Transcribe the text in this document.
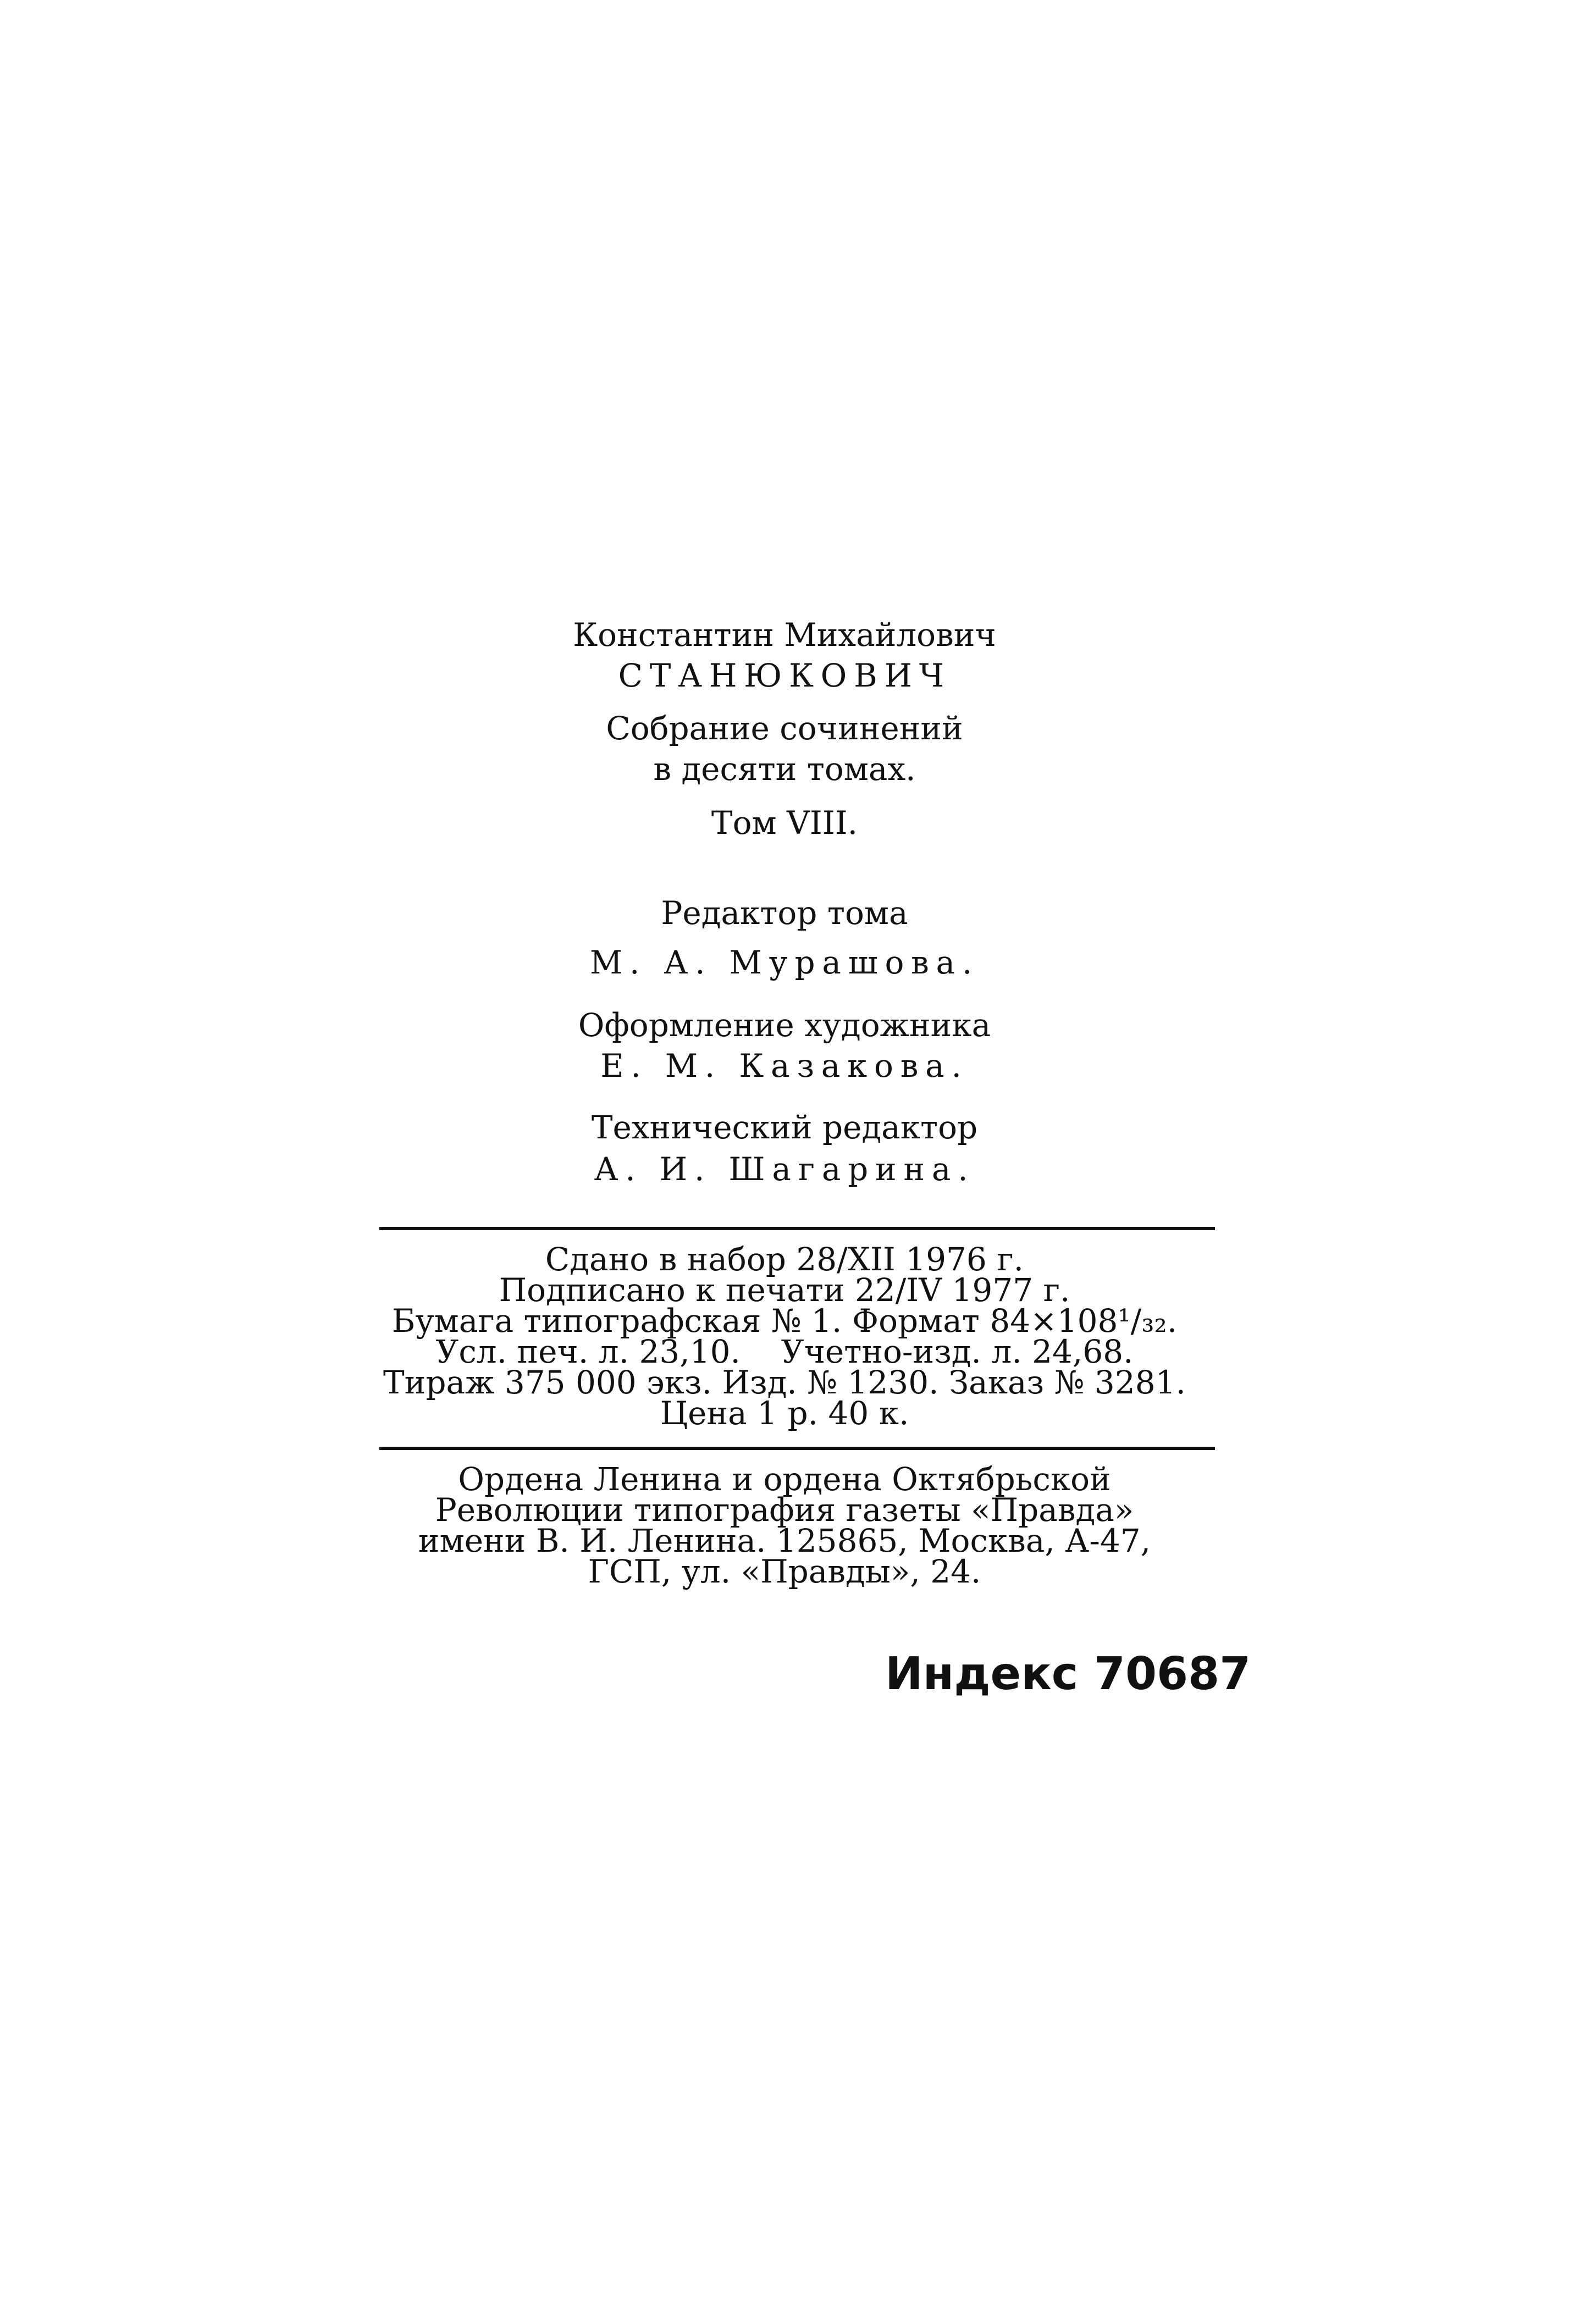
Константин Михайлович
СТАНЮКОВИЧ
Собрание сочинений
в десяти томах.
Том VIII.
Редактор тома
М. А. Мурашова.
Оформление художника
Е. М. Казакова.
Технический редактор
А. И. Шагарина.
Сдано в набор 28/XII 1976 г.
Подписано к печати 22/IV 1977 г.
Бумага типографская № 1. Формат 84×108¹/₃₂.
Усл. печ. л. 23,10.    Учетно-изд. л. 24,68.
Тираж 375 000 экз. Изд. № 1230. Заказ № 3281.
Цена 1 р. 40 к.
Ордена Ленина и ордена Октябрьской
Революции типография газеты «Правда»
имени В. И. Ленина. 125865, Москва, А-47,
ГСП, ул. «Правды», 24.
Индекс 70687
